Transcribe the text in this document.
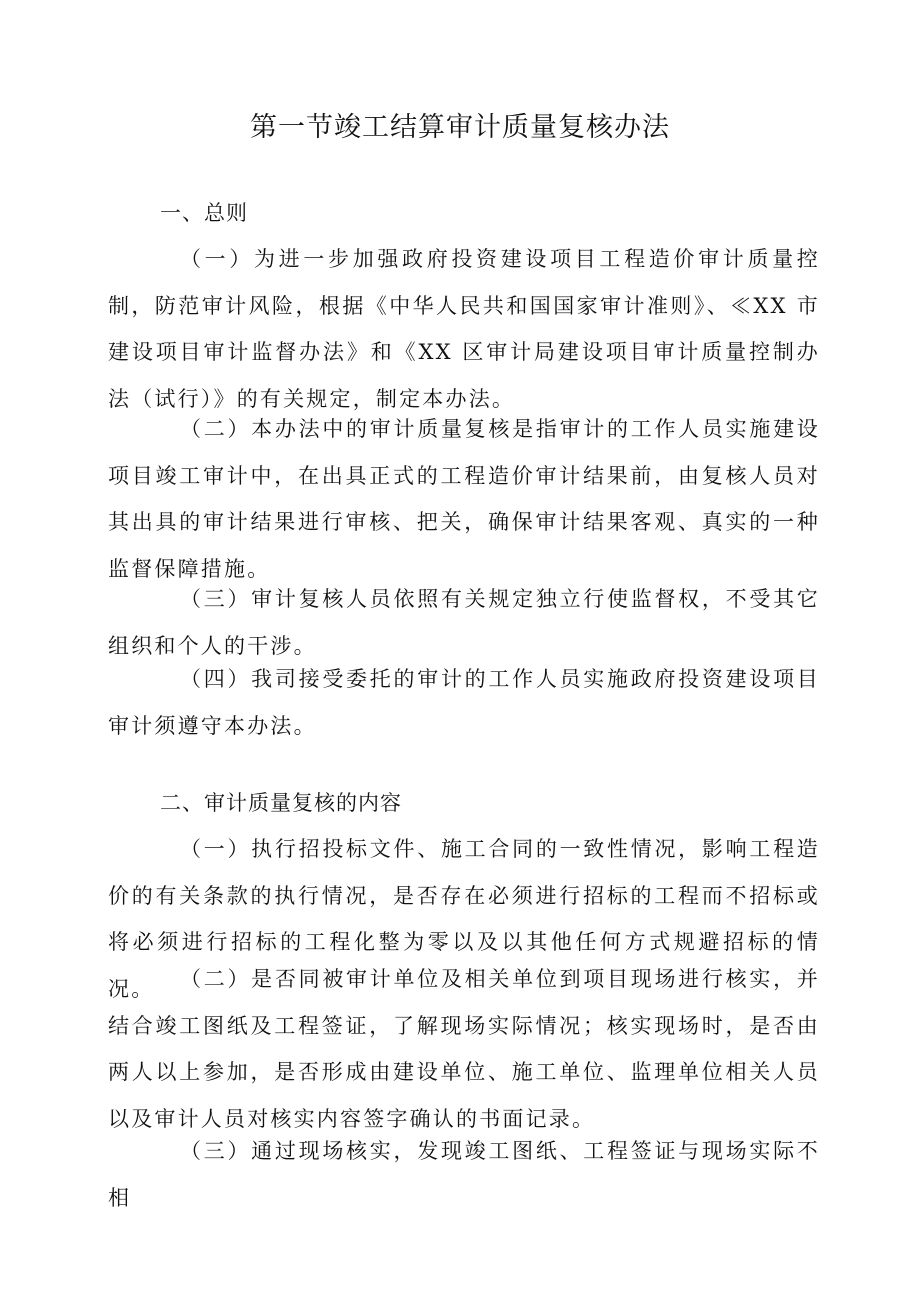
第一节竣工结算审计质量复核办法
一、总则
（一）为进一步加强政府投资建设项目工程造价审计质量控制，防范审计风险，根据《中华人民共和国国家审计准则》、≪XX 市建设项目审计监督办法》和《XX 区审计局建设项目审计质量控制办法（试行）》的有关规定，制定本办法。
（二）本办法中的审计质量复核是指审计的工作人员实施建设项目竣工审计中，在出具正式的工程造价审计结果前，由复核人员对其出具的审计结果进行审核、把关，确保审计结果客观、真实的一种监督保障措施。
（三）审计复核人员依照有关规定独立行使监督权，不受其它组织和个人的干涉。
（四）我司接受委托的审计的工作人员实施政府投资建设项目审计须遵守本办法。
二、审计质量复核的内容
（一）执行招投标文件、施工合同的一致性情况，影响工程造价的有关条款的执行情况，是否存在必须进行招标的工程而不招标或将必须进行招标的工程化整为零以及以其他任何方式规避招标的情况。	（二）是否同被审计单位及相关单位到项目现场进行核实，并结合竣工图纸及工程签证，了解现场实际情况；核实现场时，是否由两人以上参加，是否形成由建设单位、施工单位、监理单位相关人员以及审计人员对核实内容签字确认的书面记录。
（三）通过现场核实，发现竣工图纸、工程签证与现场实际不相
